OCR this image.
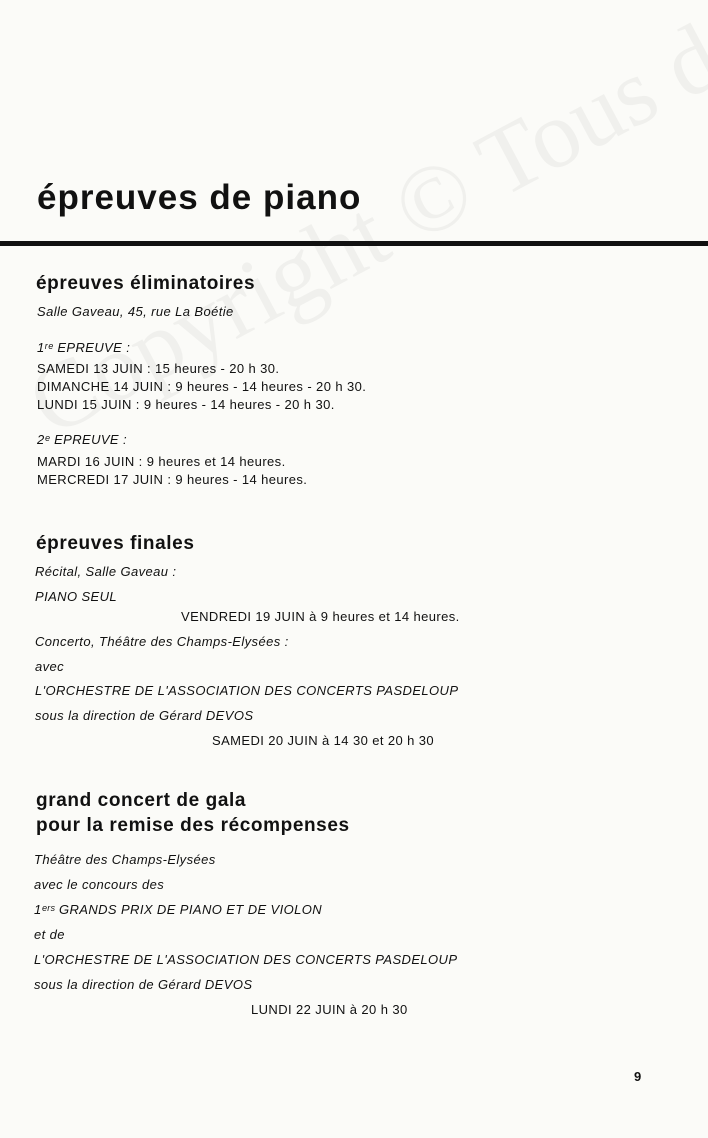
épreuves de piano
épreuves éliminatoires
Salle Gaveau, 45, rue La Boétie
1ʳᵉ EPREUVE :
SAMEDI 13 JUIN : 15 heures - 20 h 30.
DIMANCHE 14 JUIN : 9 heures - 14 heures - 20 h 30.
LUNDI 15 JUIN : 9 heures - 14 heures - 20 h 30.
2ᵉ EPREUVE :
MARDI 16 JUIN : 9 heures et 14 heures.
MERCREDI 17 JUIN : 9 heures - 14 heures.
épreuves finales
Récital, Salle Gaveau :
PIANO SEUL
VENDREDI 19 JUIN à 9 heures et 14 heures.
Concerto, Théâtre des Champs-Elysées :
avec
L'ORCHESTRE DE L'ASSOCIATION DES CONCERTS PASDELOUP
sous la direction de Gérard DEVOS
SAMEDI 20 JUIN à 14 30 et 20 h 30
grand concert de gala
pour la remise des récompenses
Théâtre des Champs-Elysées
avec le concours des
1ᵉʳˢ GRANDS PRIX DE PIANO ET DE VIOLON
et de
L'ORCHESTRE DE L'ASSOCIATION DES CONCERTS PASDELOUP
sous la direction de Gérard DEVOS
LUNDI 22 JUIN à 20 h 30
9
